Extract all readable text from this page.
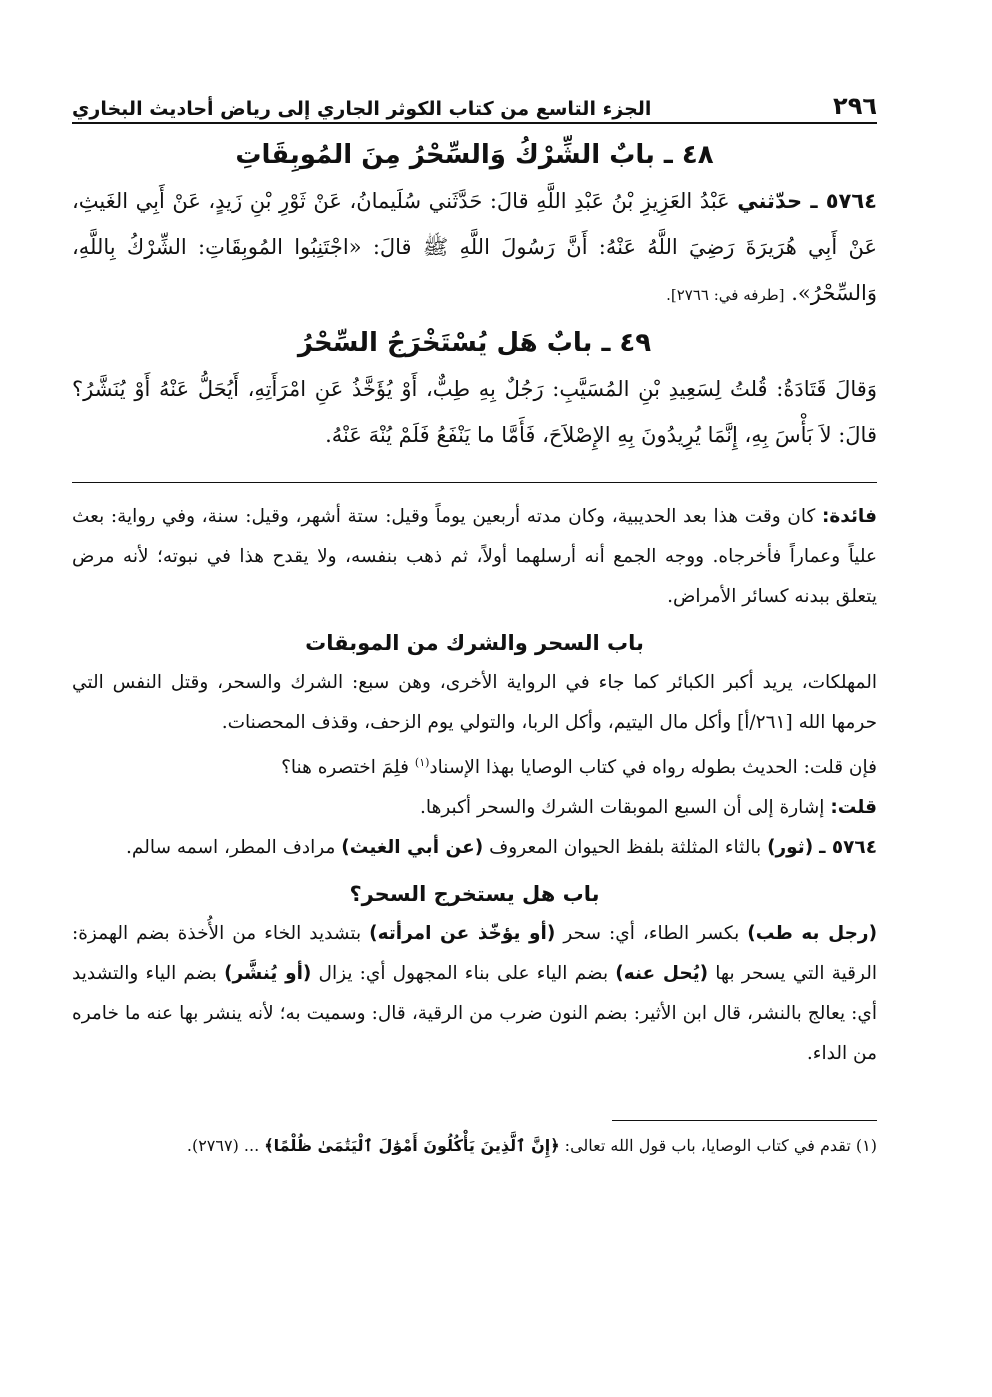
٢٩٦
الجزء التاسع من كتاب الكوثر الجاري إلى رياض أحاديث البخاري
٤٨ ـ بابٌ الشِّرْكُ وَالسِّحْرُ مِنَ المُوبِقَاتِ

٥٧٦٤ ـ حدّثني عَبْدُ العَزِيزِ بْنُ عَبْدِ اللَّهِ قالَ: حَدَّثَني سُلَيمانُ، عَنْ ثَوْرِ بْنِ زَيدٍ، عَنْ أَبِي الغَيثِ، عَنْ أَبِي هُرَيرَةَ رَضِيَ اللَّهُ عَنْهُ: أَنَّ رَسُولَ اللَّهِ ﷺ قالَ: «اجْتَنِبُوا المُوبِقَاتِ: الشِّرْكُ بِاللَّهِ، وَالسِّحْرُ». [طرفه في: ٢٧٦٦].

٤٩ ـ بابٌ هَل يُسْتَخْرَجُ السِّحْرُ

وَقالَ قَتَادَةُ: قُلتُ لِسَعِيدِ بْنِ المُسَيَّبِ: رَجُلٌ بِهِ طِبٌّ، أَوْ يُؤَخَّذُ عَنِ امْرَأَتِهِ، أَيُحَلُّ عَنْهُ أَوْ يُنَشَّرُ؟ قالَ: لاَ بَأْسَ بِهِ، إِنَّمَا يُرِيدُونَ بِهِ الإِصْلاَحَ، فَأَمَّا ما يَنْفَعُ فَلَمْ يُنْهَ عَنْهُ.

فائدة: كان وقت هذا بعد الحديبية، وكان مدته أربعين يوماً وقيل: ستة أشهر، وقيل: سنة، وفي رواية: بعث علياً وعماراً فأخرجاه. ووجه الجمع أنه أرسلهما أولاً، ثم ذهب بنفسه، ولا يقدح هذا في نبوته؛ لأنه مرض يتعلق ببدنه كسائر الأمراض.

باب السحر والشرك من الموبقات

المهلكات، يريد أكبر الكبائر كما جاء في الرواية الأخرى، وهن سبع: الشرك والسحر، وقتل النفس التي حرمها الله [٢٦١/أ] وأكل مال اليتيم، وأكل الربا، والتولي يوم الزحف، وقذف المحصنات.

فإن قلت: الحديث بطوله رواه في كتاب الوصايا بهذا الإسناد$^{(١)}$ فلِمَ اختصره هنا؟

قلت: إشارة إلى أن السبع الموبقات الشرك والسحر أكبرها.

٥٧٦٤ ـ (ثور) بالثاء المثلثة بلفظ الحيوان المعروف (عن أبي الغيث) مرادف المطر، اسمه سالم.

باب هل يستخرج السحر؟

(رجل به طب) بكسر الطاء، أي: سحر (أو يؤخّذ عن امرأته) بتشديد الخاء من الأُخذة بضم الهمزة: الرقية التي يسحر بها (يُحل عنه) بضم الياء على بناء المجهول أي: يزال (أو يُنشَّر) بضم الياء والتشديد أي: يعالج بالنشر، قال ابن الأثير: بضم النون ضرب من الرقية، قال: وسميت به؛ لأنه ينشر بها عنه ما خامره من الداء.

(١) تقدم في كتاب الوصايا، باب قول الله تعالى: ﴿إِنَّ ٱلَّذِينَ يَأْكُلُونَ أَمْوَٰلَ ٱلْيَتَٰمَىٰ ظُلْمًا﴾ ... (٢٧٦٧).
